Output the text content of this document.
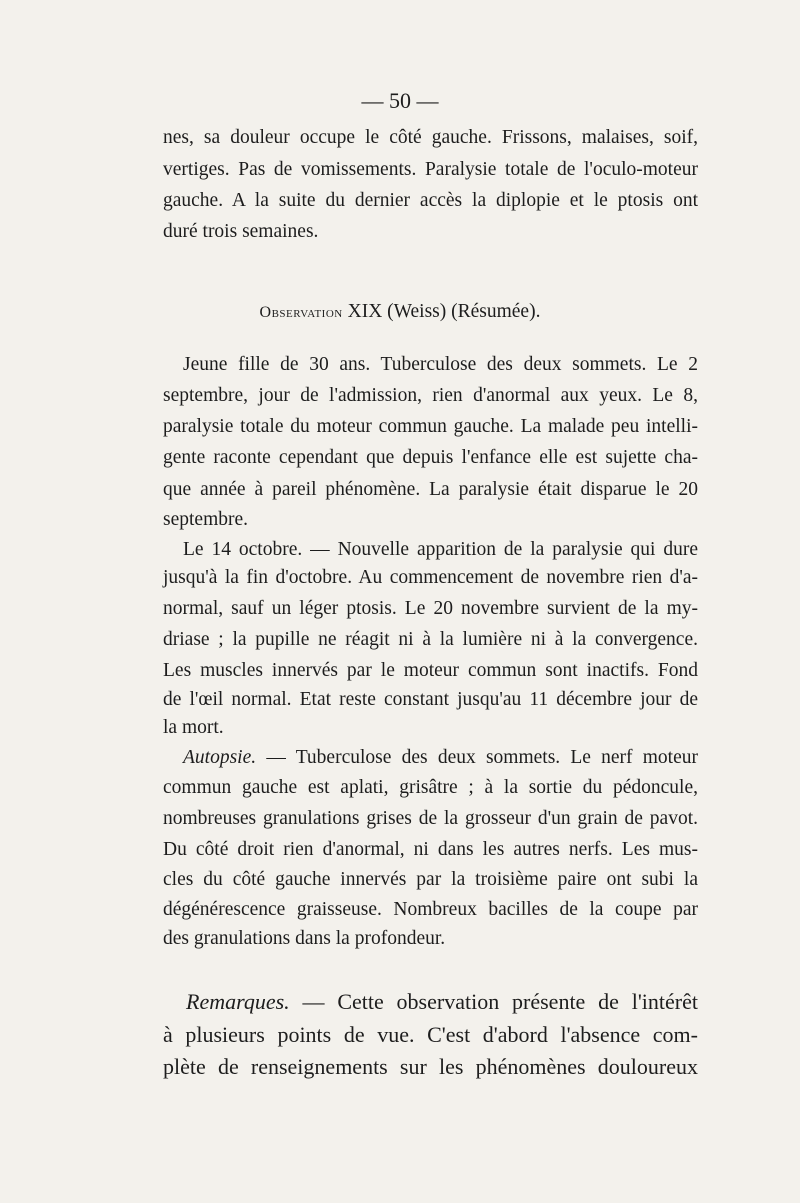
— 50 —

nes, sa douleur occupe le côté gauche. Frissons, malaises, soif,

vertiges. Pas de vomissements. Paralysie totale de l'oculo-moteur

gauche. A la suite du dernier accès la diplopie et le ptosis ont

duré trois semaines.

Observation XIX (Weiss) (Résumée).

Jeune fille de 30 ans. Tuberculose des deux sommets. Le 2

septembre, jour de l'admission, rien d'anormal aux yeux. Le 8,

paralysie totale du moteur commun gauche. La malade peu intelli-

gente raconte cependant que depuis l'enfance elle est sujette cha-

que année à pareil phénomène. La paralysie était disparue le 20

septembre.

Le 14 octobre. — Nouvelle apparition de la paralysie qui dure

jusqu'à la fin d'octobre. Au commencement de novembre rien d'a-

normal, sauf un léger ptosis. Le 20 novembre survient de la my-

driase ; la pupille ne réagit ni à la lumière ni à la convergence.

Les muscles innervés par le moteur commun sont inactifs. Fond

de l'œil normal. Etat reste constant jusqu'au 11 décembre jour de

la mort.

Autopsie. — Tuberculose des deux sommets. Le nerf moteur

commun gauche est aplati, grisâtre ; à la sortie du pédoncule,

nombreuses granulations grises de la grosseur d'un grain de pavot.

Du côté droit rien d'anormal, ni dans les autres nerfs. Les mus-

cles du côté gauche innervés par la troisième paire ont subi la

dégénérescence graisseuse. Nombreux bacilles de la coupe par

des granulations dans la profondeur.

Remarques. — Cette observation présente de l'intérêt

à plusieurs points de vue. C'est d'abord l'absence com-

plète de renseignements sur les phénomènes douloureux
